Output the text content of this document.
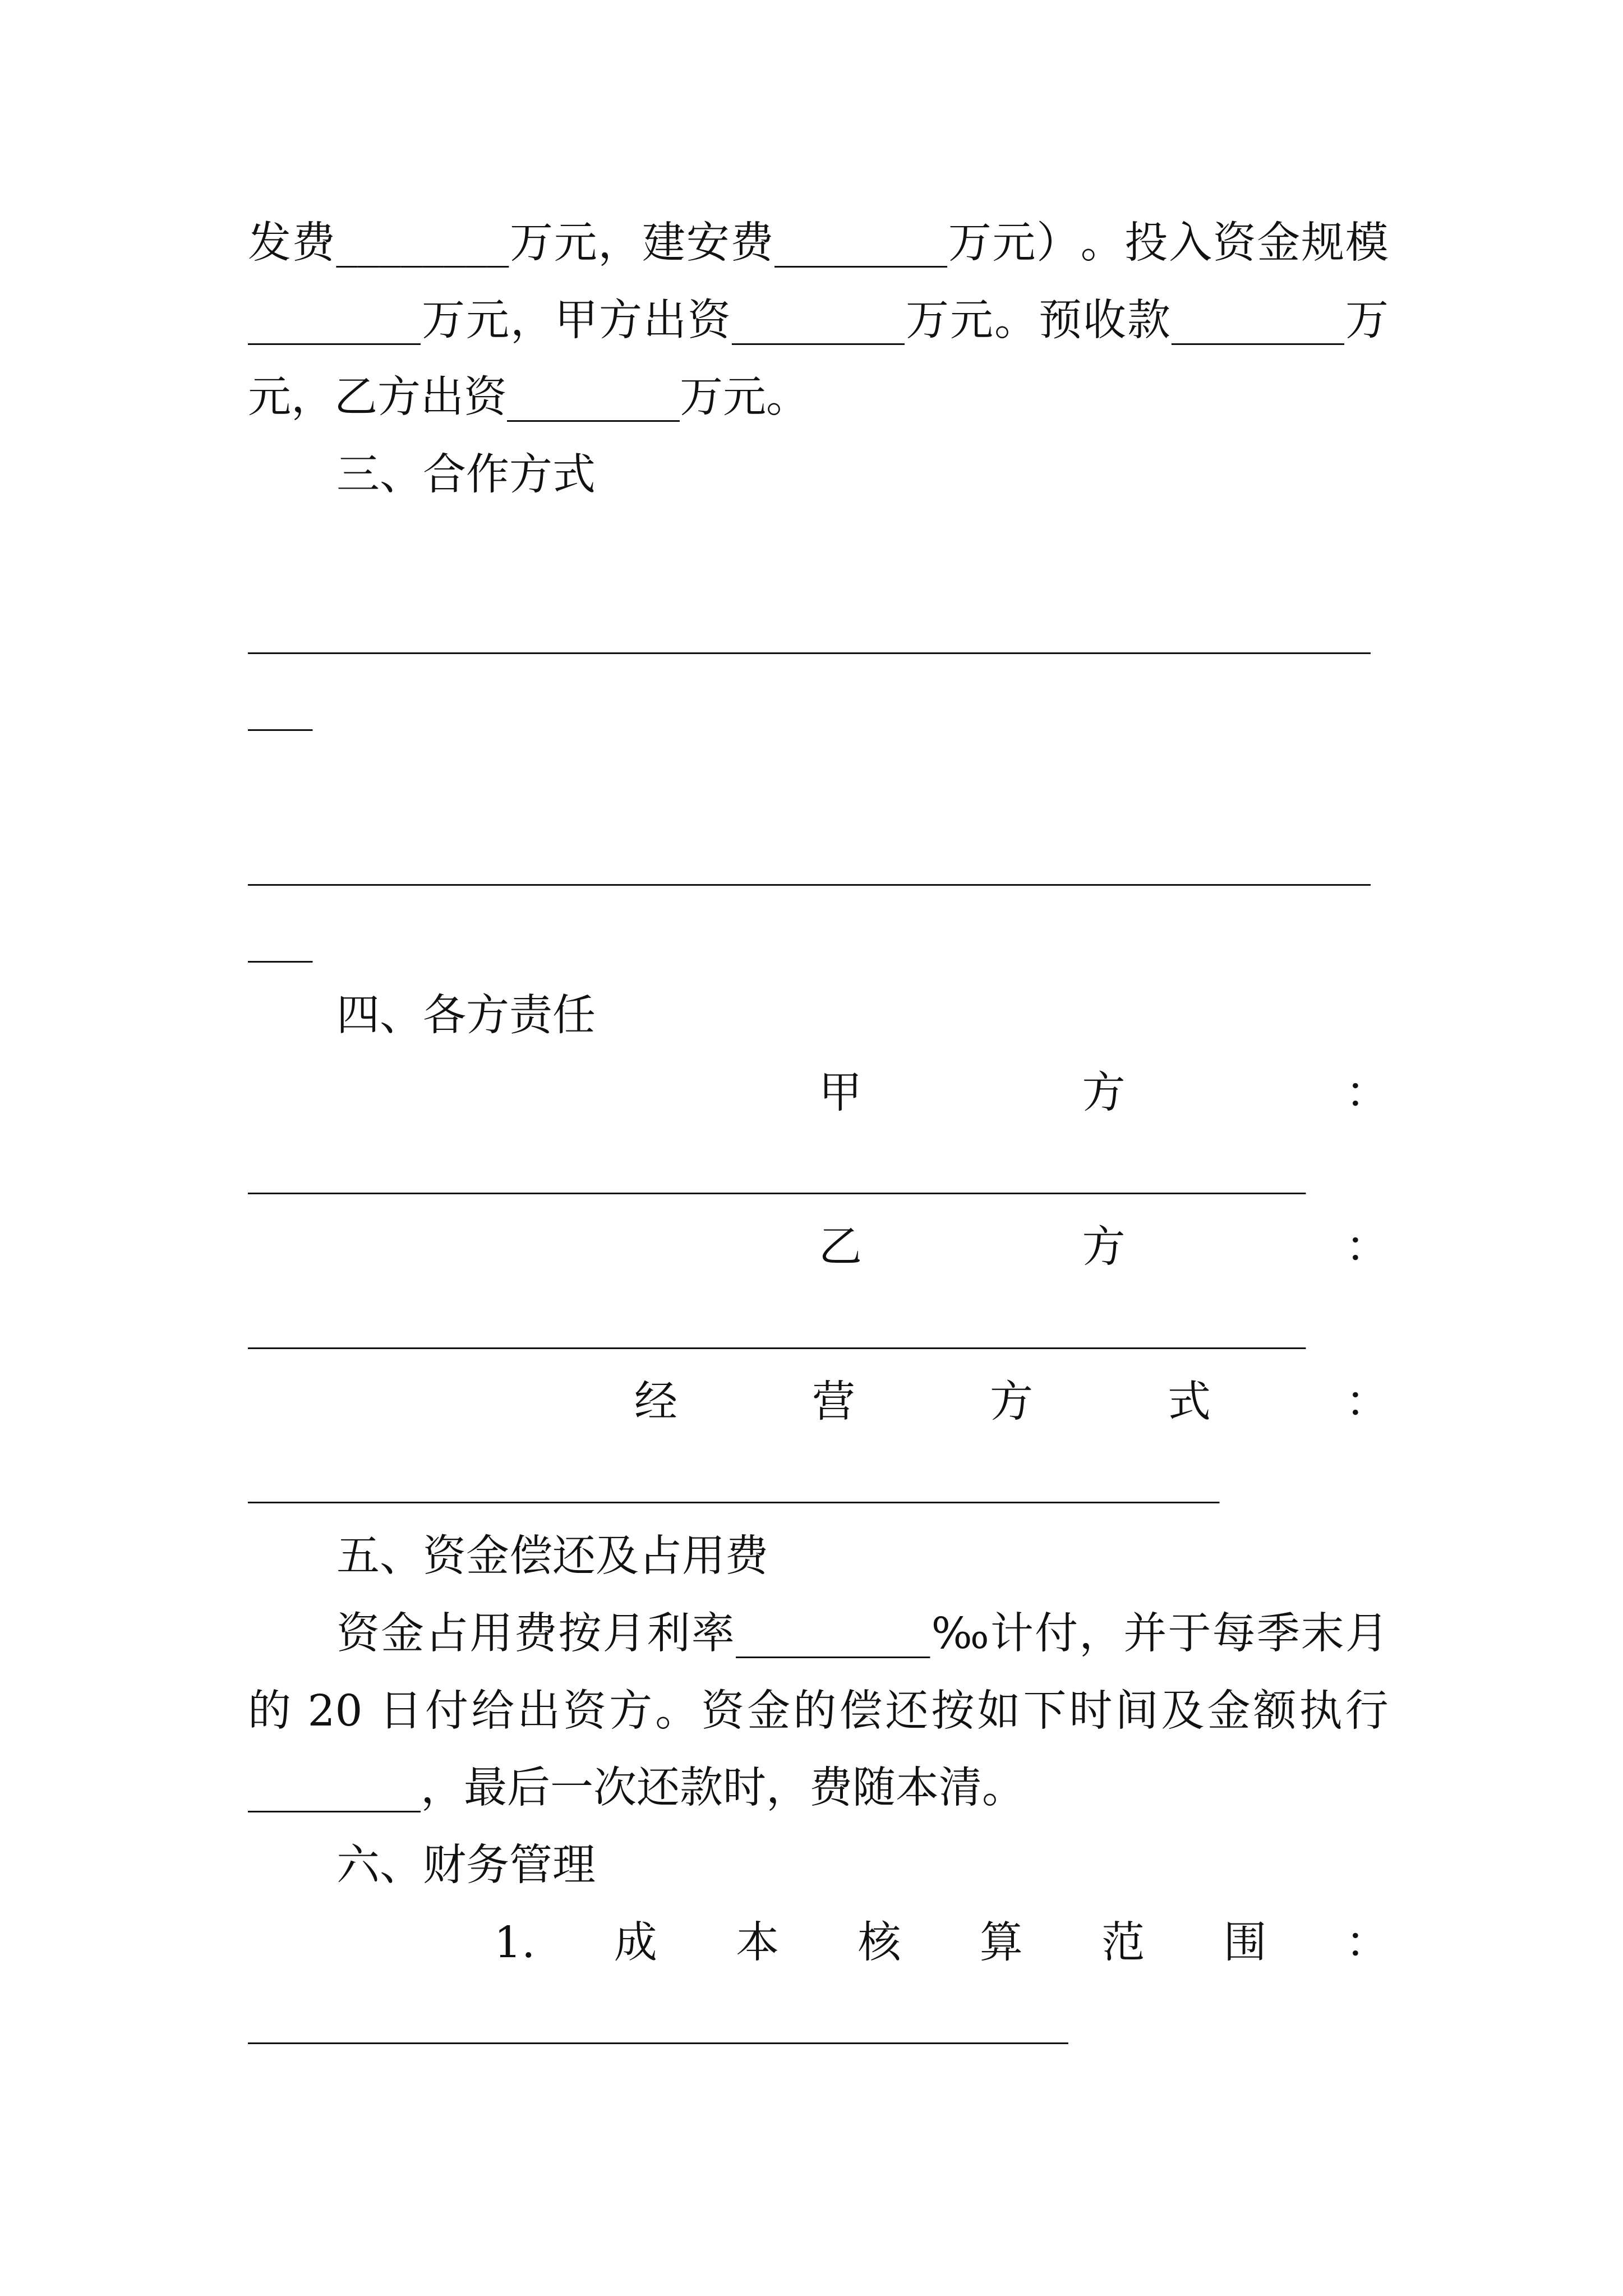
发 费 ________ 万 元 ， 建 安 费 ________ 万 元 ） 。 投 入 资 金 规 模
________ 万 元 ， 甲 方 出 资 ________ 万 元 。 预 收 款 ________ 万
元，乙方出资________万元。
三、合作方式
____________________________________________________
___
____________________________________________________
___
四、各方责任
甲	方	：
_________________________________________________
乙	方	：
_________________________________________________
经	营	方	式	：
_____________________________________________
五、资金偿还及占用费
资 金 占 用 费 按 月 利 率 _________ ‰ 计 付 ， 并 于 每 季 末 月
的 20 日 付 给 出 资 方 。 资 金 的 偿 还 按 如 下 时 间 及 金 额 执 行
________，最后一次还款时，费随本清。
六、财务管理
1. 成 本 核 算 范 围 ：
______________________________________
